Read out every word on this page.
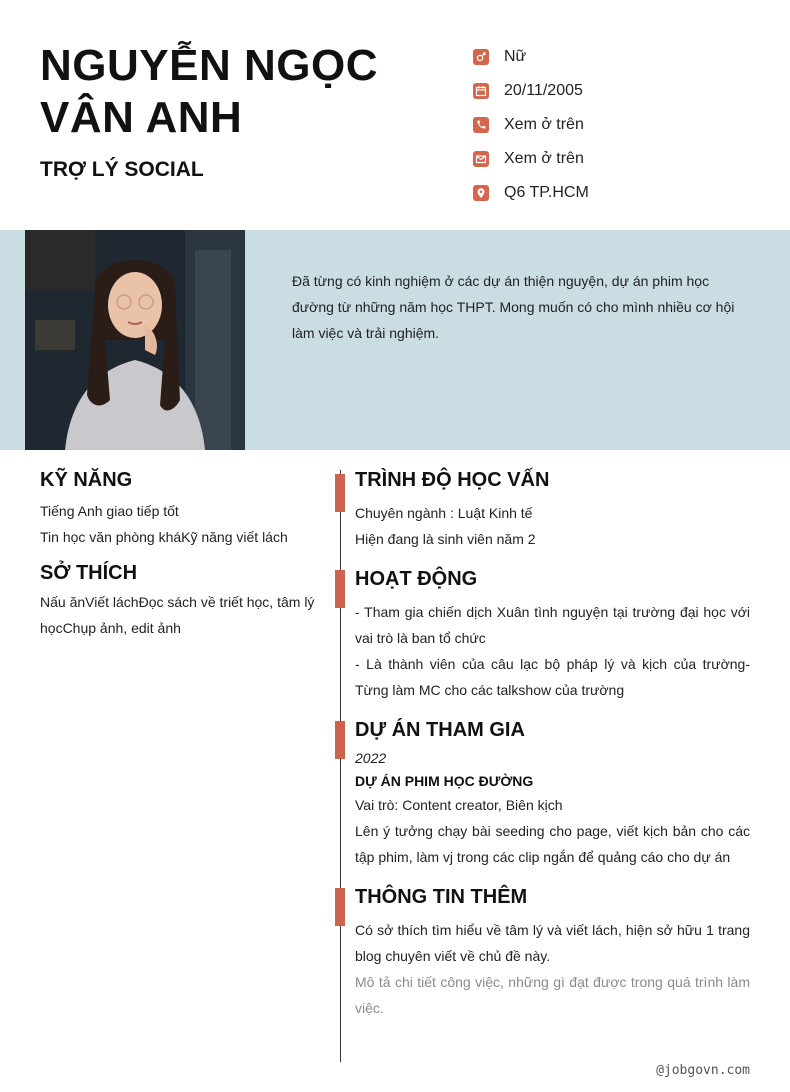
NGUYỄN NGỌC VÂN ANH
TRỢ LÝ SOCIAL
Nữ
20/11/2005
Xem ở trên
Xem ở trên
Q6 TP.HCM
Đã từng có kinh nghiệm ở các dự án thiện nguyện, dự án phim học đường từ những năm học THPT. Mong muốn có cho mình nhiều cơ hội làm việc và trải nghiệm.
KỸ NĂNG
Tiếng Anh giao tiếp tốt
Tin học văn phòng kháKỹ năng viết lách
SỞ THÍCH
Nấu ănViết láchĐọc sách về triết học, tâm lý họcChụp ảnh, edit ảnh
TRÌNH ĐỘ HỌC VẤN
Chuyên ngành : Luật Kinh tế
Hiện đang là sinh viên năm 2
HOẠT ĐỘNG
- Tham gia chiến dịch Xuân tình nguyện tại trường đại học với vai trò là ban tổ chức
- Là thành viên của câu lạc bộ pháp lý và kịch của trường- Từng làm MC cho các talkshow của trường
DỰ ÁN THAM GIA
2022
DỰ ÁN PHIM HỌC ĐƯỜNG
Vai trò: Content creator, Biên kịch
Lên ý tưởng chạy bài seeding cho page, viết kịch bản cho các tập phim, làm vj trong các clip ngắn để quảng cáo cho dự án
THÔNG TIN THÊM
Có sở thích tìm hiểu về tâm lý và viết lách, hiện sở hữu 1 trang blog chuyên viết về chủ đề này.
Mô tả chi tiết công việc, những gì đạt được trong quá trình làm việc.
@jobgovn.com
